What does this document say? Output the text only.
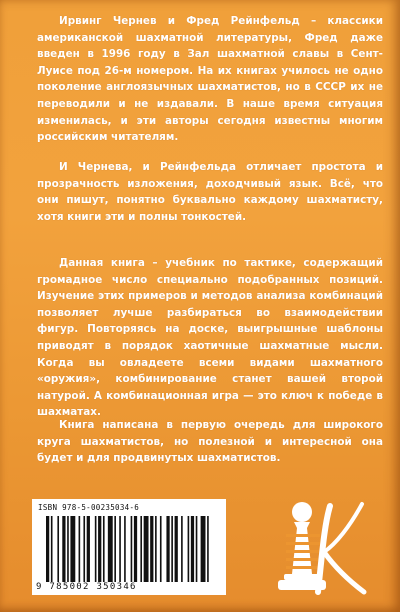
Ирвинг Чернев и Фред Рейнфельд – классики американской шахматной литературы, Фред даже введен в 1996 году в Зал шахматной славы в Сент-Луисе под 26-м номером. На их книгах училось не одно поколение англоязычных шахматистов, но в СССР их не переводили и не издавали. В наше время ситуация изменилась, и эти авторы сегодня известны многим российским читателям.

И Чернева, и Рейнфельда отличает простота и прозрачность изложения, доходчивый язык. Всё, что они пишут, понятно буквально каждому шахматисту, хотя книги эти и полны тонкостей.

Данная книга – учебник по тактике, содержащий громадное число специально подобранных позиций. Изучение этих примеров и методов анализа комбинаций позволяет лучше разбираться во взаимодействии фигур. Повторяясь на доске, выигрышные шаблоны приводят в порядок хаотичные шахматные мысли. Когда вы овладеете всеми видами шахматного «оружия», комбинирование станет вашей второй натурой. А комбинационная игра — это ключ к победе в шахматах.

Книга написана в первую очередь для широкого круга шахматистов, но полезной и интересной она будет и для продвинутых шахматистов.

ISBN 978-5-00235034-6
9 785002 350346
